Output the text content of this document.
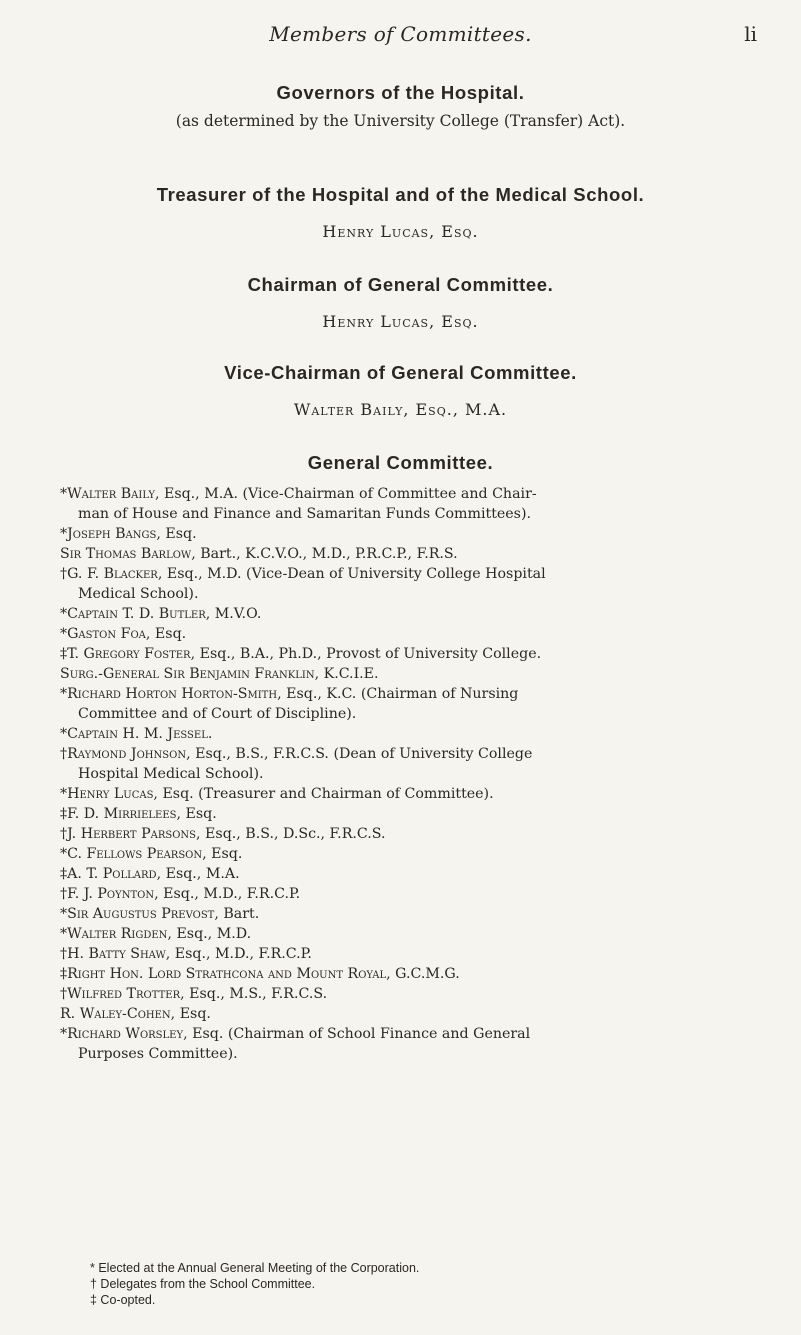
Members of Committees.	li
Governors of the Hospital.
(as determined by the University College (Transfer) Act).
Treasurer of the Hospital and of the Medical School.
Henry Lucas, Esq.
Chairman of General Committee.
Henry Lucas, Esq.
Vice-Chairman of General Committee.
Walter Baily, Esq., M.A.
General Committee.
*Walter Baily, Esq., M.A. (Vice-Chairman of Committee and Chair-
man of House and Finance and Samaritan Funds Committees).
*Joseph Bangs, Esq.
Sir Thomas Barlow, Bart., K.C.V.O., M.D., P.R.C.P., F.R.S.
†G. F. Blacker, Esq., M.D. (Vice-Dean of University College Hospital
Medical School).
*Captain T. D. Butler, M.V.O.
*Gaston Foa, Esq.
‡T. Gregory Foster, Esq., B.A., Ph.D., Provost of University College.
Surg.-General Sir Benjamin Franklin, K.C.I.E.
*Richard Horton Horton-Smith, Esq., K.C. (Chairman of Nursing
Committee and of Court of Discipline).
*Captain H. M. Jessel.
†Raymond Johnson, Esq., B.S., F.R.C.S. (Dean of University College
Hospital Medical School).
*Henry Lucas, Esq. (Treasurer and Chairman of Committee).
‡F. D. Mirrielees, Esq.
†J. Herbert Parsons, Esq., B.S., D.Sc., F.R.C.S.
*C. Fellows Pearson, Esq.
‡A. T. Pollard, Esq., M.A.
†F. J. Poynton, Esq., M.D., F.R.C.P.
*Sir Augustus Prevost, Bart.
*Walter Rigden, Esq., M.D.
†H. Batty Shaw, Esq., M.D., F.R.C.P.
‡Right Hon. Lord Strathcona and Mount Royal, G.C.M.G.
†Wilfred Trotter, Esq., M.S., F.R.C.S.
R. Waley-Cohen, Esq.
*Richard Worsley, Esq. (Chairman of School Finance and General
Purposes Committee).
* Elected at the Annual General Meeting of the Corporation.
† Delegates from the School Committee.
‡ Co-opted.
